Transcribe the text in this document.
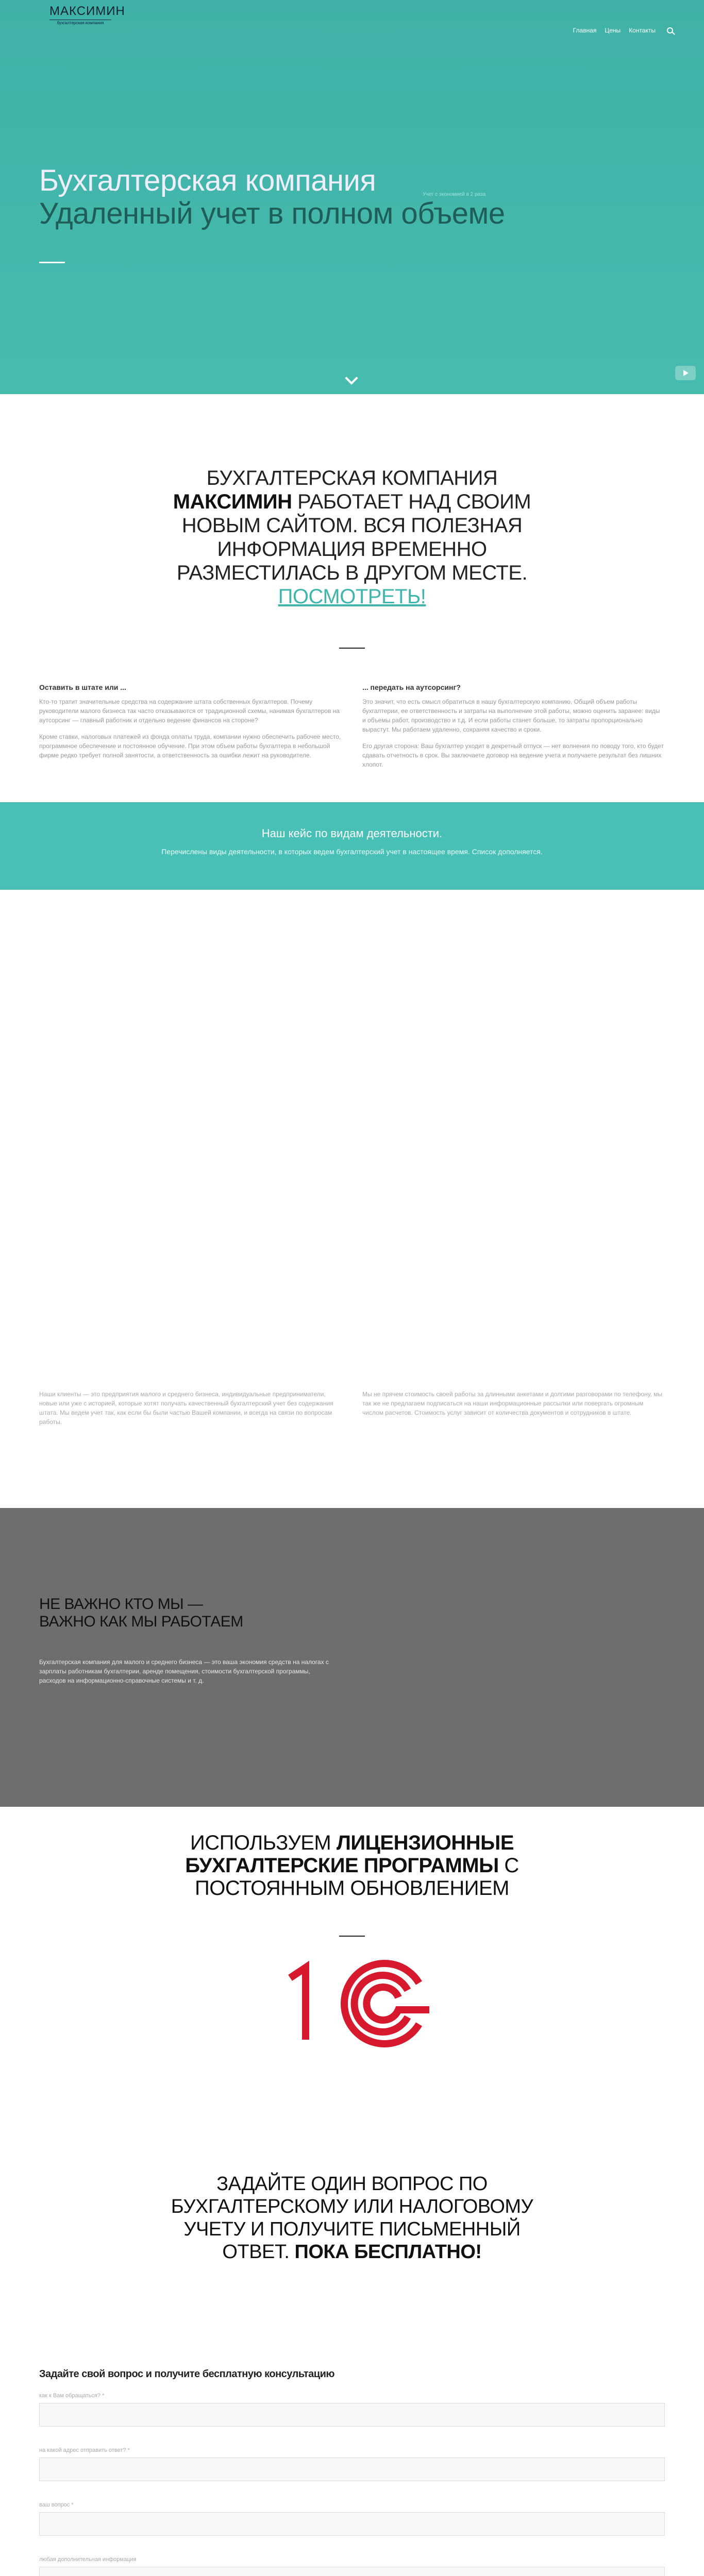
МАКСИМИН
бухгалтерская компания
Главная Цены Контакты
Бухгалтерская компания
Удаленный учет в полном объеме
Учет с экономией в 2 раза
БУХГАЛТЕРСКАЯ КОМПАНИЯ МАКСИМИН РАБОТАЕТ НАД СВОИМ НОВЫМ САЙТОМ. ВСЯ ПОЛЕЗНАЯ ИНФОРМАЦИЯ ВРЕМЕННО РАЗМЕСТИЛАСЬ В ДРУГОМ МЕСТЕ.
ПОСМОТРЕТЬ!
Оставить в штате или ...

Кто-то тратит значительные средства на содержание штата собственных бухгалтеров. Почему руководители малого бизнеса так часто отказываются от традиционной схемы, нанимая бухгалтеров на аутсорсинг — главный работник и отдельно ведение финансов на стороне?

Кроме ставки, налоговых платежей из фонда оплаты труда, компании нужно обеспечить рабочее место, программное обеспечение и постоянное обучение. При этом объем работы бухгалтера в небольшой фирме редко требует полной занятости, а ответственность за ошибки лежит на руководителе.

... передать на аутсорсинг?

Это значит, что есть смысл обратиться в нашу бухгалтерскую компанию. Общий объем работы бухгалтерии, ее ответственность и затраты на выполнение этой работы, можно оценить заранее: виды и объемы работ, производство и т.д. И если работы станет больше, то затраты пропорционально вырастут. Мы работаем удаленно, сохраняя качество и сроки.

Его другая сторона: Ваш бухгалтер уходит в декретный отпуск — нет волнения по поводу того, кто будет сдавать отчетность в срок. Вы заключаете договор на ведение учета и получаете результат без лишних хлопот.

Наш кейс по видам деятельности.
Перечислены виды деятельности, в которых ведем бухгалтерский учет в настоящее время. Список дополняется.
Наши клиенты — это предприятия малого и среднего бизнеса, индивидуальные предприниматели, новые или уже с историей, которые хотят получать качественный бухгалтерский учет без содержания штата. Мы ведем учет так, как если бы были частью Вашей компании, и всегда на связи по вопросам работы.
Мы не прячем стоимость своей работы за длинными анкетами и долгими разговорами по телефону, мы так же не предлагаем подписаться на наши информационные рассылки или повергать огромным числом расчетов. Стоимость услуг зависит от количества документов и сотрудников в штате.
НЕ ВАЖНО КТО МЫ —
ВАЖНО КАК МЫ РАБОТАЕМ
Бухгалтерская компания для малого и среднего бизнеса — это ваша экономия средств на налогах с зарплаты работникам бухгалтерии, аренде помещения, стоимости бухгалтерской программы, расходов на информационно-справочные системы и т. д.
ИСПОЛЬЗУЕМ ЛИЦЕНЗИОННЫЕ БУХГАЛТЕРСКИЕ ПРОГРАММЫ С ПОСТОЯННЫМ ОБНОВЛЕНИЕМ
ЗАДАЙТЕ ОДИН ВОПРОС ПО БУХГАЛТЕРСКОМУ ИЛИ НАЛОГОВОМУ УЧЕТУ И ПОЛУЧИТЕ ПИСЬМЕННЫЙ ОТВЕТ. ПОКА БЕСПЛАТНО!
Задайте свой вопрос и получите бесплатную консультацию
как к Вам обращаться? *
на какой адрес отправить ответ? *
ваш вопрос *
любая дополнительная информация
